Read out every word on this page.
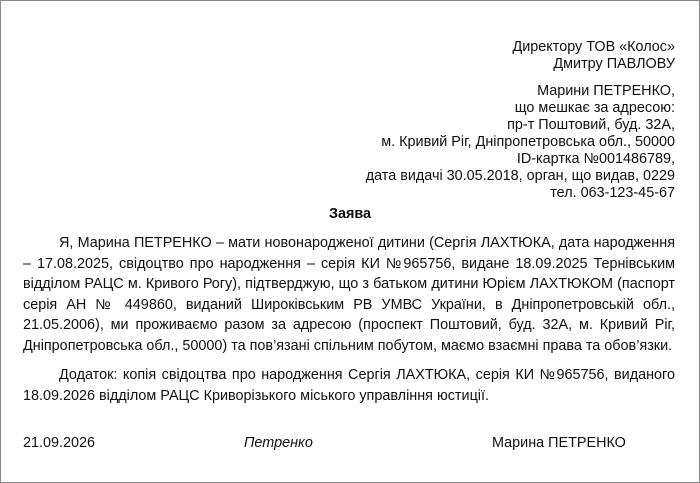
Директору ТОВ «Колос»
Дмитру ПАВЛОВУ
Марини ПЕТРЕНКО,
що мешкає за адресою:
пр-т Поштовий, буд. 32А,
м. Кривий Ріг, Дніпропетровська обл., 50000
ID-картка №001486789,
дата видачі 30.05.2018, орган, що видав, 0229
тел. 063-123-45-67
Заява

Я, Марина ПЕТРЕНКО – мати новонародженої дитини (Сергія ЛАХТЮКА, дата народження – 17.08.2025, свідоцтво про народження – серія КИ №965756, видане 18.09.2025 Тернівським відділом РАЦС м. Кривого Рогу), підтверджую, що з батьком дитини Юрієм ЛАХТЮКОМ (паспорт серія АН № 449860, виданий Широківським РВ УМВС України, в Дніпропетровській обл., 21.05.2006), ми проживаємо разом за адресою (проспект Поштовий, буд. 32А, м. Кривий Ріг, Дніпропетровська обл., 50000) та пов’язані спільним побутом, маємо взаємні права та обов’язки.

Додаток: копія свідоцтва про народження Сергія ЛАХТЮКА, серія КИ №965756, виданого 18.09.2026 відділом РАЦС Криворізького міського управління юстиції.

21.09.2026	Петренко	Марина ПЕТРЕНКО
